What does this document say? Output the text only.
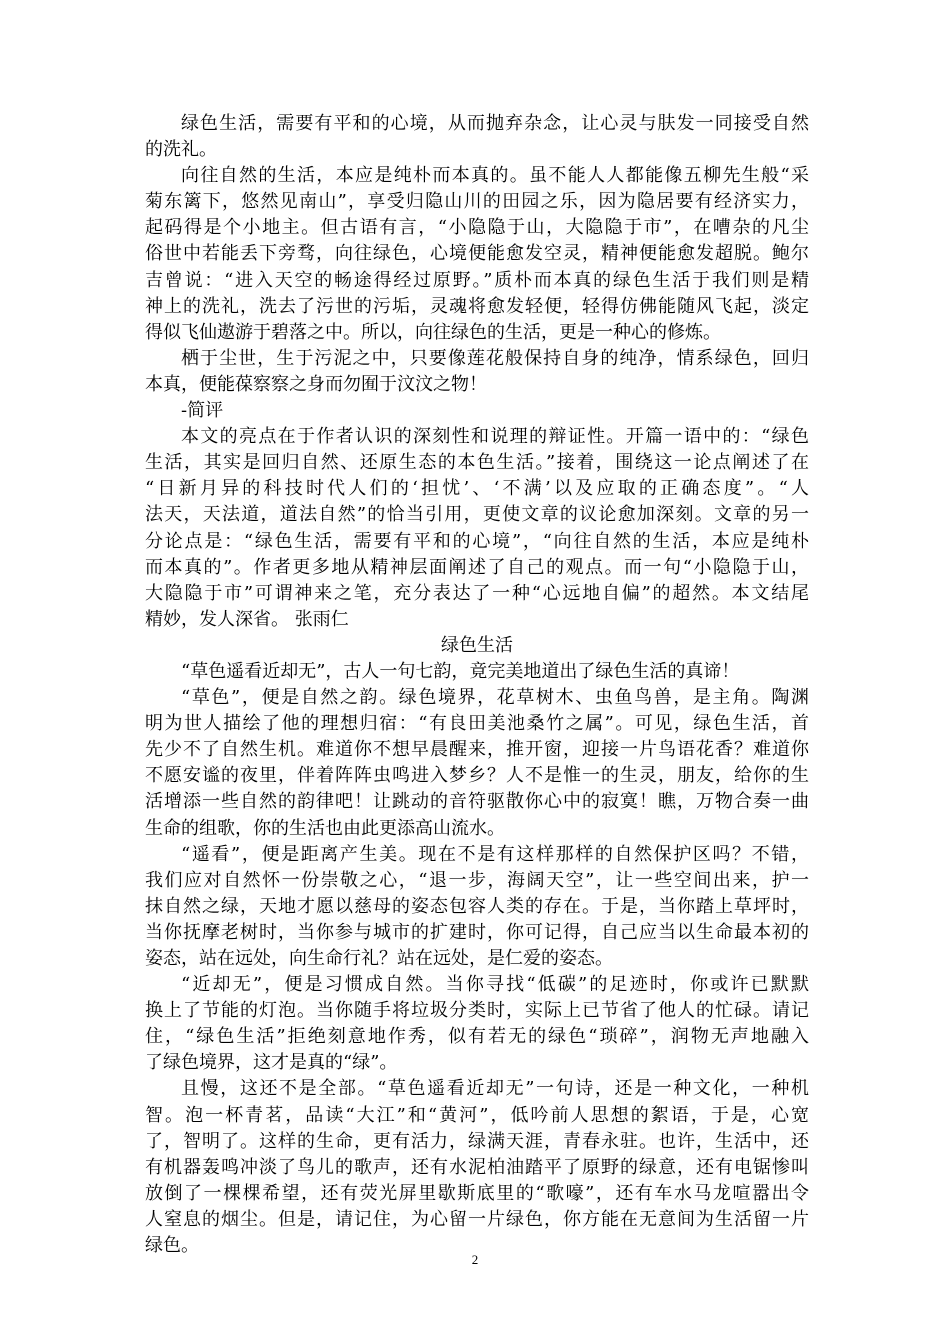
绿色生活，需要有平和的心境，从而抛弃杂念，让心灵与肤发一同接受自然
的洗礼。
向往自然的生活，本应是纯朴而本真的。虽不能人人都能像五柳先生般“采
菊东篱下，悠然见南山”，享受归隐山川的田园之乐，因为隐居要有经济实力，
起码得是个小地主。但古语有言，“小隐隐于山，大隐隐于市”，在嘈杂的凡尘
俗世中若能丢下旁骛，向往绿色，心境便能愈发空灵，精神便能愈发超脱。鲍尔
吉曾说：“进入天空的畅途得经过原野。”质朴而本真的绿色生活于我们则是精
神上的洗礼，洗去了污世的污垢，灵魂将愈发轻便，轻得仿佛能随风飞起，淡定
得似飞仙遨游于碧落之中。所以，向往绿色的生活，更是一种心的修炼。
栖于尘世，生于污泥之中，只要像莲花般保持自身的纯净，情系绿色，回归
本真，便能葆察察之身而勿囿于汶汶之物！
-简评
本文的亮点在于作者认识的深刻性和说理的辩证性。开篇一语中的：“绿色
生活，其实是回归自然、还原生态的本色生活。”接着，围绕这一论点阐述了在
“日新月异的科技时代人们的‘担忧’、‘不满’以及应取的正确态度”。“人
法天，天法道，道法自然”的恰当引用，更使文章的议论愈加深刻。文章的另一
分论点是：“绿色生活，需要有平和的心境”，“向往自然的生活，本应是纯朴
而本真的”。作者更多地从精神层面阐述了自己的观点。而一句“小隐隐于山，
大隐隐于市”可谓神来之笔，充分表达了一种“心远地自偏”的超然。本文结尾
精妙，发人深省。 张雨仁
绿色生活
“草色遥看近却无”，古人一句七韵，竟完美地道出了绿色生活的真谛！
“草色”，便是自然之韵。绿色境界，花草树木、虫鱼鸟兽，是主角。陶渊
明为世人描绘了他的理想归宿：“有良田美池桑竹之属”。可见，绿色生活，首
先少不了自然生机。难道你不想早晨醒来，推开窗，迎接一片鸟语花香？难道你
不愿安谧的夜里，伴着阵阵虫鸣进入梦乡？人不是惟一的生灵，朋友，给你的生
活增添一些自然的韵律吧！让跳动的音符驱散你心中的寂寞！瞧，万物合奏一曲
生命的组歌，你的生活也由此更添高山流水。
“遥看”，便是距离产生美。现在不是有这样那样的自然保护区吗？不错，
我们应对自然怀一份崇敬之心，“退一步，海阔天空”，让一些空间出来，护一
抹自然之绿，天地才愿以慈母的姿态包容人类的存在。于是，当你踏上草坪时，
当你抚摩老树时，当你参与城市的扩建时，你可记得，自己应当以生命最本初的
姿态，站在远处，向生命行礼？站在远处，是仁爱的姿态。
“近却无”，便是习惯成自然。当你寻找“低碳”的足迹时，你或许已默默
换上了节能的灯泡。当你随手将垃圾分类时，实际上已节省了他人的忙碌。请记
住，“绿色生活”拒绝刻意地作秀，似有若无的绿色“琐碎”，润物无声地融入
了绿色境界，这才是真的“绿”。
且慢，这还不是全部。“草色遥看近却无”一句诗，还是一种文化，一种机
智。泡一杯青茗，品读“大江”和“黄河”，低吟前人思想的絮语，于是，心宽
了，智明了。这样的生命，更有活力，绿满天涯，青春永驻。也许，生活中，还
有机器轰鸣冲淡了鸟儿的歌声，还有水泥柏油踏平了原野的绿意，还有电锯惨叫
放倒了一棵棵希望，还有荧光屏里歇斯底里的“歌嚎”，还有车水马龙喧嚣出令
人窒息的烟尘。但是，请记住，为心留一片绿色，你方能在无意间为生活留一片
绿色。
2
